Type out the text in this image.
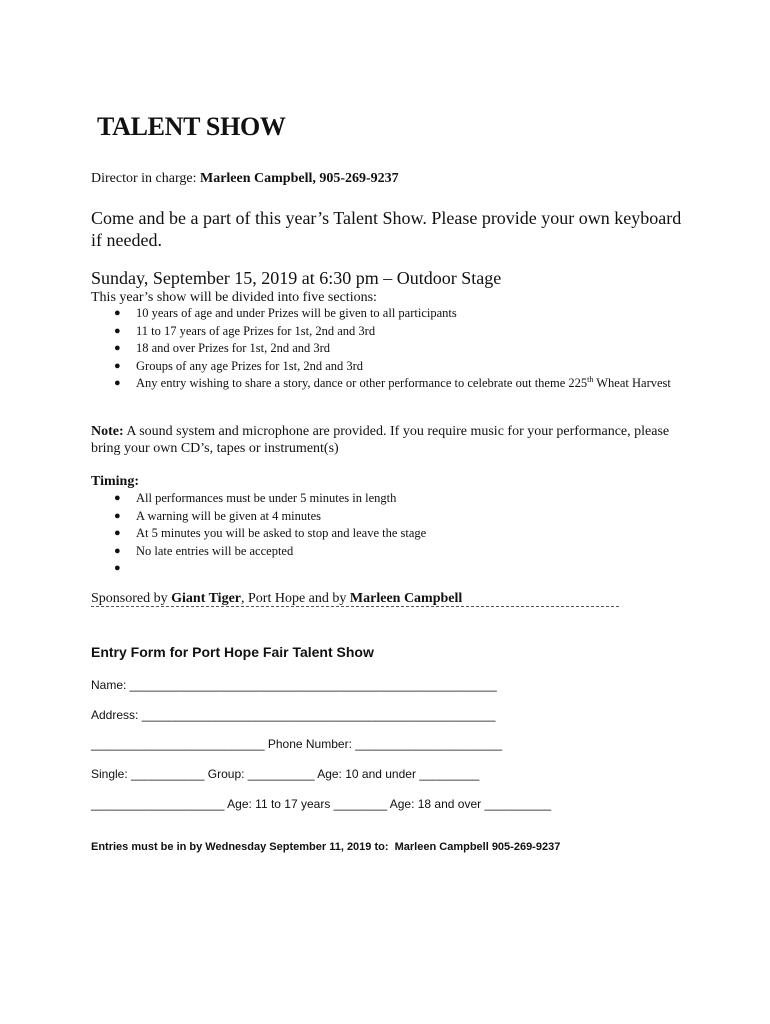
TALENT SHOW
Director in charge: Marleen Campbell, 905-269-9237
Come and be a part of this year’s Talent Show. Please provide your own keyboard if needed.
Sunday, September 15, 2019 at 6:30 pm – Outdoor Stage
This year’s show will be divided into five sections:
● 10 years of age and under Prizes will be given to all participants
● 11 to 17 years of age Prizes for 1st, 2nd and 3rd
● 18 and over Prizes for 1st, 2nd and 3rd
● Groups of any age Prizes for 1st, 2nd and 3rd
● Any entry wishing to share a story, dance or other performance to celebrate out theme 225th Wheat Harvest
Note: A sound system and microphone are provided. If you require music for your performance, please bring your own CD’s, tapes or instrument(s)
Timing:
● All performances must be under 5 minutes in length
● A warning will be given at 4 minutes
● At 5 minutes you will be asked to stop and leave the stage
● No late entries will be accepted
●
Sponsored by Giant Tiger, Port Hope and by Marleen Campbell
Entry Form for Port Hope Fair Talent Show
Name: _______________________________________________________
Address: _____________________________________________________
__________________________ Phone Number: ______________________
Single: ___________ Group: __________ Age: 10 and under _________
____________________ Age: 11 to 17 years ________ Age: 18 and over __________
Entries must be in by Wednesday September 11, 2019 to:  Marleen Campbell 905-269-9237
